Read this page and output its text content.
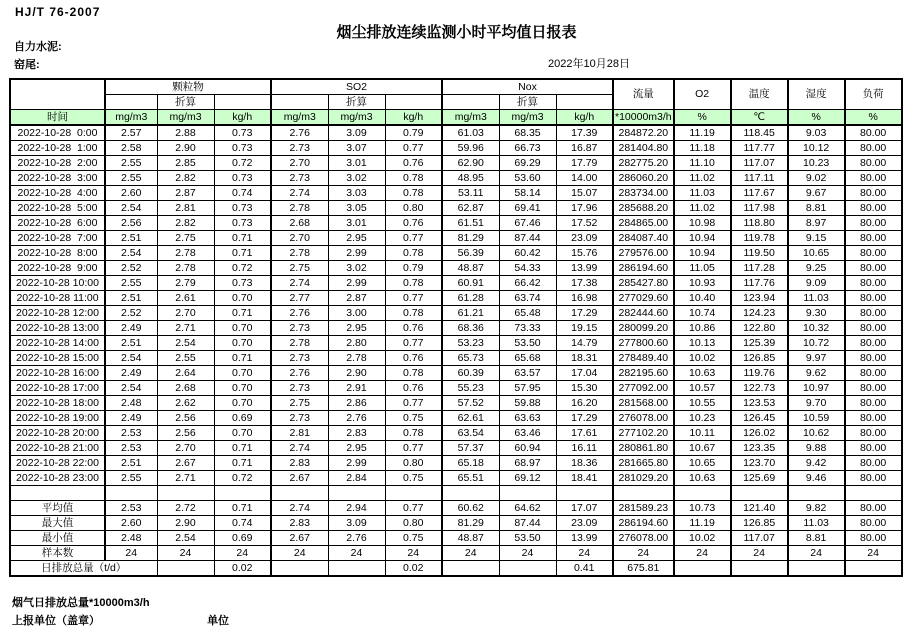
HJ/T 76-2007
烟尘排放连续监测小时平均值日报表
自力水泥:
窑尾:	2022年10月28日
	颗粒物			SO2			Nox			流量	O2	温度	湿度	负荷
		折算			折算			折算						
时间	mg/m3	mg/m3	kg/h	mg/m3	mg/m3	kg/h	mg/m3	mg/m3	kg/h	*10000m3/h	%	℃	%	%
2022-10-28  0:00	2.57	2.88	0.73	2.76	3.09	0.79	61.03	68.35	17.39	284872.20	11.19	118.45	9.03	80.00
2022-10-28  1:00	2.58	2.90	0.73	2.73	3.07	0.77	59.96	66.73	16.87	281404.80	11.18	117.77	10.12	80.00
2022-10-28  2:00	2.55	2.85	0.72	2.70	3.01	0.76	62.90	69.29	17.79	282775.20	11.10	117.07	10.23	80.00
2022-10-28  3:00	2.55	2.82	0.73	2.73	3.02	0.78	48.95	53.60	14.00	286060.20	11.02	117.11	9.02	80.00
2022-10-28  4:00	2.60	2.87	0.74	2.74	3.03	0.78	53.11	58.14	15.07	283734.00	11.03	117.67	9.67	80.00
2022-10-28  5:00	2.54	2.81	0.73	2.78	3.05	0.80	62.87	69.41	17.96	285688.20	11.02	117.98	8.81	80.00
2022-10-28  6:00	2.56	2.82	0.73	2.68	3.01	0.76	61.51	67.46	17.52	284865.00	10.98	118.80	8.97	80.00
2022-10-28  7:00	2.51	2.75	0.71	2.70	2.95	0.77	81.29	87.44	23.09	284087.40	10.94	119.78	9.15	80.00
2022-10-28  8:00	2.54	2.78	0.71	2.78	2.99	0.78	56.39	60.42	15.76	279576.00	10.94	119.50	10.65	80.00
2022-10-28  9:00	2.52	2.78	0.72	2.75	3.02	0.79	48.87	54.33	13.99	286194.60	11.05	117.28	9.25	80.00
2022-10-28 10:00	2.55	2.79	0.73	2.74	2.99	0.78	60.91	66.42	17.38	285427.80	10.93	117.76	9.09	80.00
2022-10-28 11:00	2.51	2.61	0.70	2.77	2.87	0.77	61.28	63.74	16.98	277029.60	10.40	123.94	11.03	80.00
2022-10-28 12:00	2.52	2.70	0.71	2.76	3.00	0.78	61.21	65.48	17.29	282444.60	10.74	124.23	9.30	80.00
2022-10-28 13:00	2.49	2.71	0.70	2.73	2.95	0.76	68.36	73.33	19.15	280099.20	10.86	122.80	10.32	80.00
2022-10-28 14:00	2.51	2.54	0.70	2.78	2.80	0.77	53.23	53.50	14.79	277800.60	10.13	125.39	10.72	80.00
2022-10-28 15:00	2.54	2.55	0.71	2.73	2.78	0.76	65.73	65.68	18.31	278489.40	10.02	126.85	9.97	80.00
2022-10-28 16:00	2.49	2.64	0.70	2.76	2.90	0.78	60.39	63.57	17.04	282195.60	10.63	119.76	9.62	80.00
2022-10-28 17:00	2.54	2.68	0.70	2.73	2.91	0.76	55.23	57.95	15.30	277092.00	10.57	122.73	10.97	80.00
2022-10-28 18:00	2.48	2.62	0.70	2.75	2.86	0.77	57.52	59.88	16.20	281568.00	10.55	123.53	9.70	80.00
2022-10-28 19:00	2.49	2.56	0.69	2.73	2.76	0.75	62.61	63.63	17.29	276078.00	10.23	126.45	10.59	80.00
2022-10-28 20:00	2.53	2.56	0.70	2.81	2.83	0.78	63.54	63.46	17.61	277102.20	10.11	126.02	10.62	80.00
2022-10-28 21:00	2.53	2.70	0.71	2.74	2.95	0.77	57.37	60.94	16.11	280861.80	10.67	123.35	9.88	80.00
2022-10-28 22:00	2.51	2.67	0.71	2.83	2.99	0.80	65.18	68.97	18.36	281665.80	10.65	123.70	9.42	80.00
2022-10-28 23:00	2.55	2.71	0.72	2.67	2.84	0.75	65.51	69.12	18.41	281029.20	10.63	125.69	9.46	80.00

平均值	2.53	2.72	0.71	2.74	2.94	0.77	60.62	64.62	17.07	281589.23	10.73	121.40	9.82	80.00
最大值	2.60	2.90	0.74	2.83	3.09	0.80	81.29	87.44	23.09	286194.60	11.19	126.85	11.03	80.00
最小值	2.48	2.54	0.69	2.67	2.76	0.75	48.87	53.50	13.99	276078.00	10.02	117.07	8.81	80.00
样本数	24	24	24	24	24	24	24	24	24	24	24	24	24	24
日排放总量（t/d）			0.02			0.02			0.41	675.81				
烟气日排放总量*10000m3/h
上报单位（盖章）	单位
